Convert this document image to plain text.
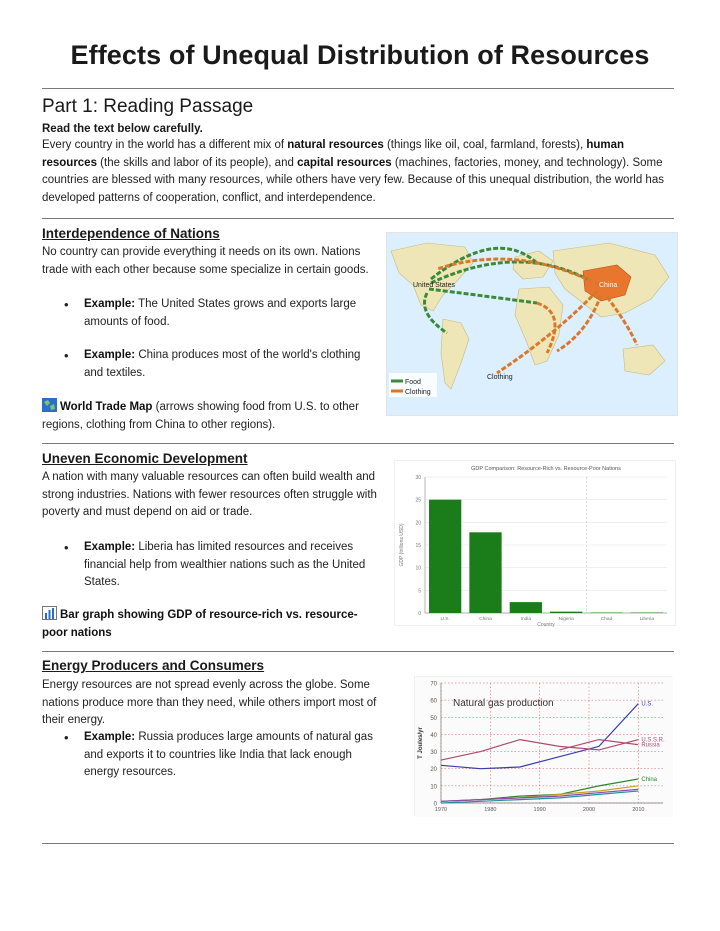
Effects of Unequal Distribution of Resources
Part 1: Reading Passage
Read the text below carefully.
Every country in the world has a different mix of natural resources (things like oil, coal, farmland, forests), human resources (the skills and labor of its people), and capital resources (machines, factories, money, and technology). Some countries are blessed with many resources, while others have very few. Because of this unequal distribution, the world has developed patterns of cooperation, conflict, and interdependence.
Interdependence of Nations
No country can provide everything it needs on its own. Nations trade with each other because some specialize in certain goods.
• Example: The United States grows and exports large amounts of food.
• Example: China produces most of the world's clothing and textiles.
World Trade Map (arrows showing food from U.S. to other regions, clothing from China to other regions).
United States	China
Clothing
Food
Clothing
Uneven Economic Development
A nation with many valuable resources can often build wealth and strong industries. Nations with fewer resources often struggle with poverty and must depend on aid or trade.
• Example: Liberia has limited resources and receives financial help from wealthier nations such as the United States.
Bar graph showing GDP of resource-rich vs. resource-poor nations
GDP Comparison: Resource-Rich vs. Resource-Poor Nations
0
5
10
15
20
25
30
GDP (trillions USD)
U.S.	China	India	Nigeria	Chad	Liberia
Country
Energy Producers and Consumers
Energy resources are not spread evenly across the globe. Some nations produce more than they need, while others import most of their energy.
• Example: Russia produces large amounts of natural gas and exports it to countries like India that lack enough energy resources.
0
10
20
30
40
50
60
70
1970	1980	1990	2000	2010
T Joules/yr
Natural gas production	U.S.
U.S.S.R.
Russia
China
